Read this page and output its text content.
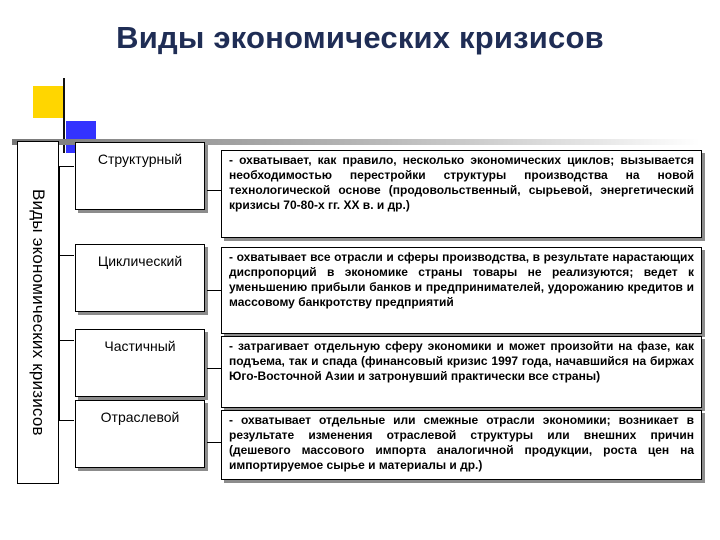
Виды экономических кризисов
Виды экономических кризисов
Структурный	- охватывает, как правило, несколько экономических циклов; вызывается необходимостью перестройки структуры производства на новой технологической основе (продовольственный, сырьевой, энергетический кризисы 70-80-х гг. XX в. и др.)
Циклический	- охватывает все отрасли и сферы производства, в результате нарастающих диспропорций в экономике страны товары не реализуются; ведет к уменьшению прибыли банков и предпринимателей, удорожанию кредитов и массовому банкротству предприятий
Частичный	- затрагивает отдельную сферу экономики и может произойти на фазе, как подъема, так и спада (финансовый кризис 1997 года, начавшийся на биржах Юго-Восточной Азии и затронувший практически все страны)
Отраслевой	- охватывает отдельные или смежные отрасли экономики; возникает в результате изменения отраслевой структуры или внешних причин (дешевого массового импорта аналогичной продукции, роста цен на импортируемое сырье и материалы и др.)
